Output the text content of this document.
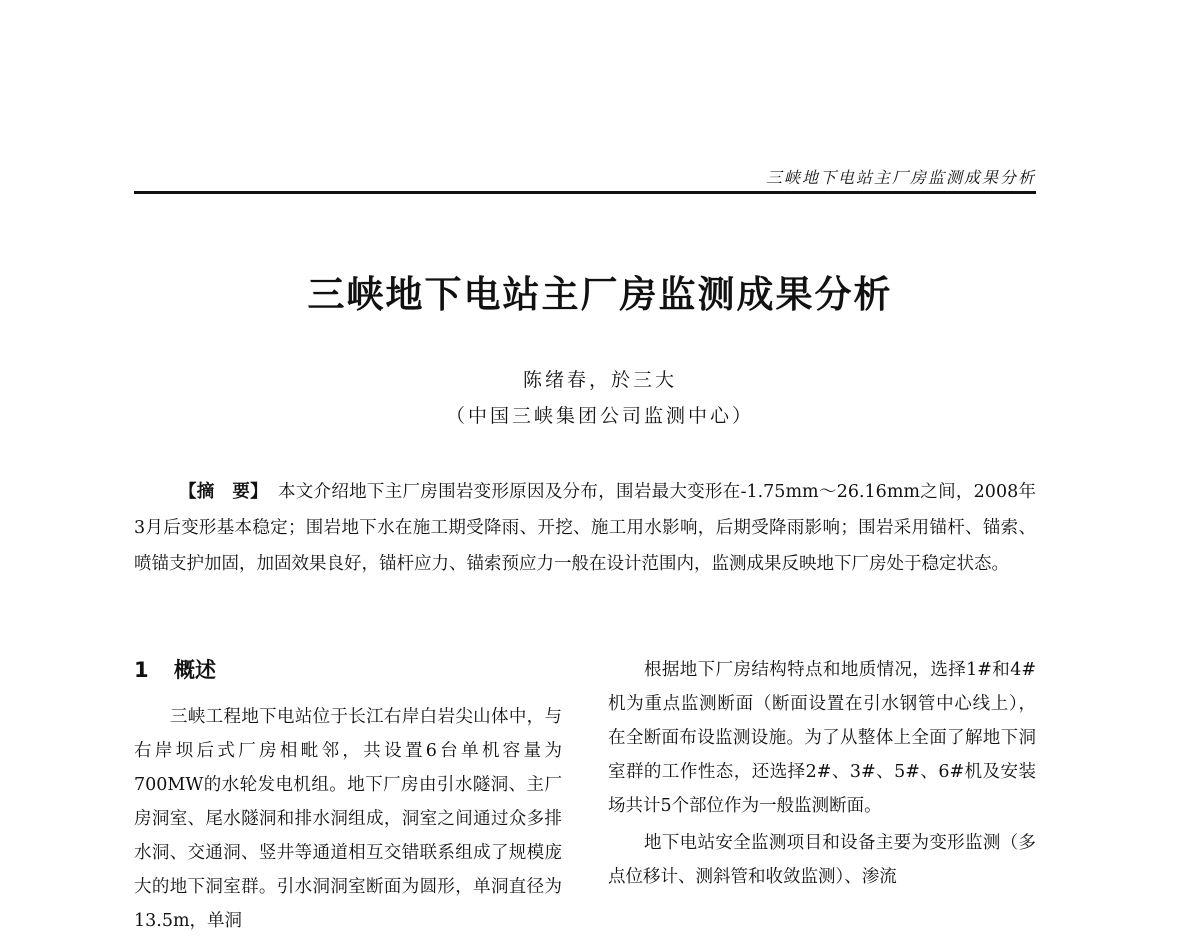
三峡地下电站主厂房监测成果分析
三峡地下电站主厂房监测成果分析
陈绪春，於三大
（中国三峡集团公司监测中心）

【摘　要】 本文介绍地下主厂房围岩变形原因及分布，围岩最大变形在-1.75mm～26.16mm之间，2008年3月后变形基本稳定；围岩地下水在施工期受降雨、开挖、施工用水影响，后期受降雨影响；围岩采用锚杆、锚索、喷锚支护加固，加固效果良好，锚杆应力、锚索预应力一般在设计范围内，监测成果反映地下厂房处于稳定状态。

1 概述

三峡工程地下电站位于长江右岸白岩尖山体中，与右岸坝后式厂房相毗邻，共设置6台单机容量为700MW的水轮发电机组。地下厂房由引水隧洞、主厂房洞室、尾水隧洞和排水洞组成，洞室之间通过众多排水洞、交通洞、竖井等通道相互交错联系组成了规模庞大的地下洞室群。引水洞洞室断面为圆形，单洞直径为13.5m，单洞

根据地下厂房结构特点和地质情况，选择1#和4#机为重点监测断面（断面设置在引水钢管中心线上），在全断面布设监测设施。为了从整体上全面了解地下洞室群的工作性态，还选择2#、3#、5#、6#机及安装场共计5个部位作为一般监测断面。

地下电站安全监测项目和设备主要为变形监测（多点位移计、测斜管和收敛监测）、渗流
